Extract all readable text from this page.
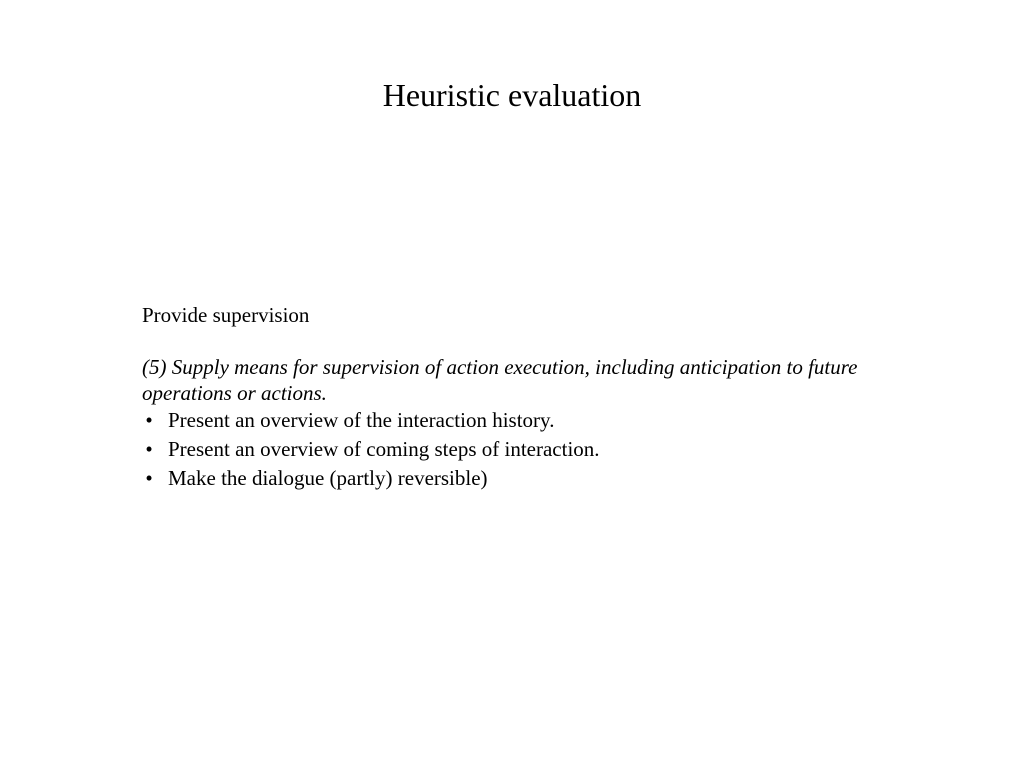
Heuristic evaluation

Provide supervision

(5) Supply means for supervision of action execution, including anticipation to future operations or actions.

• Present an overview of the interaction history.
• Present an overview of coming steps of interaction.
• Make the dialogue (partly) reversible)
